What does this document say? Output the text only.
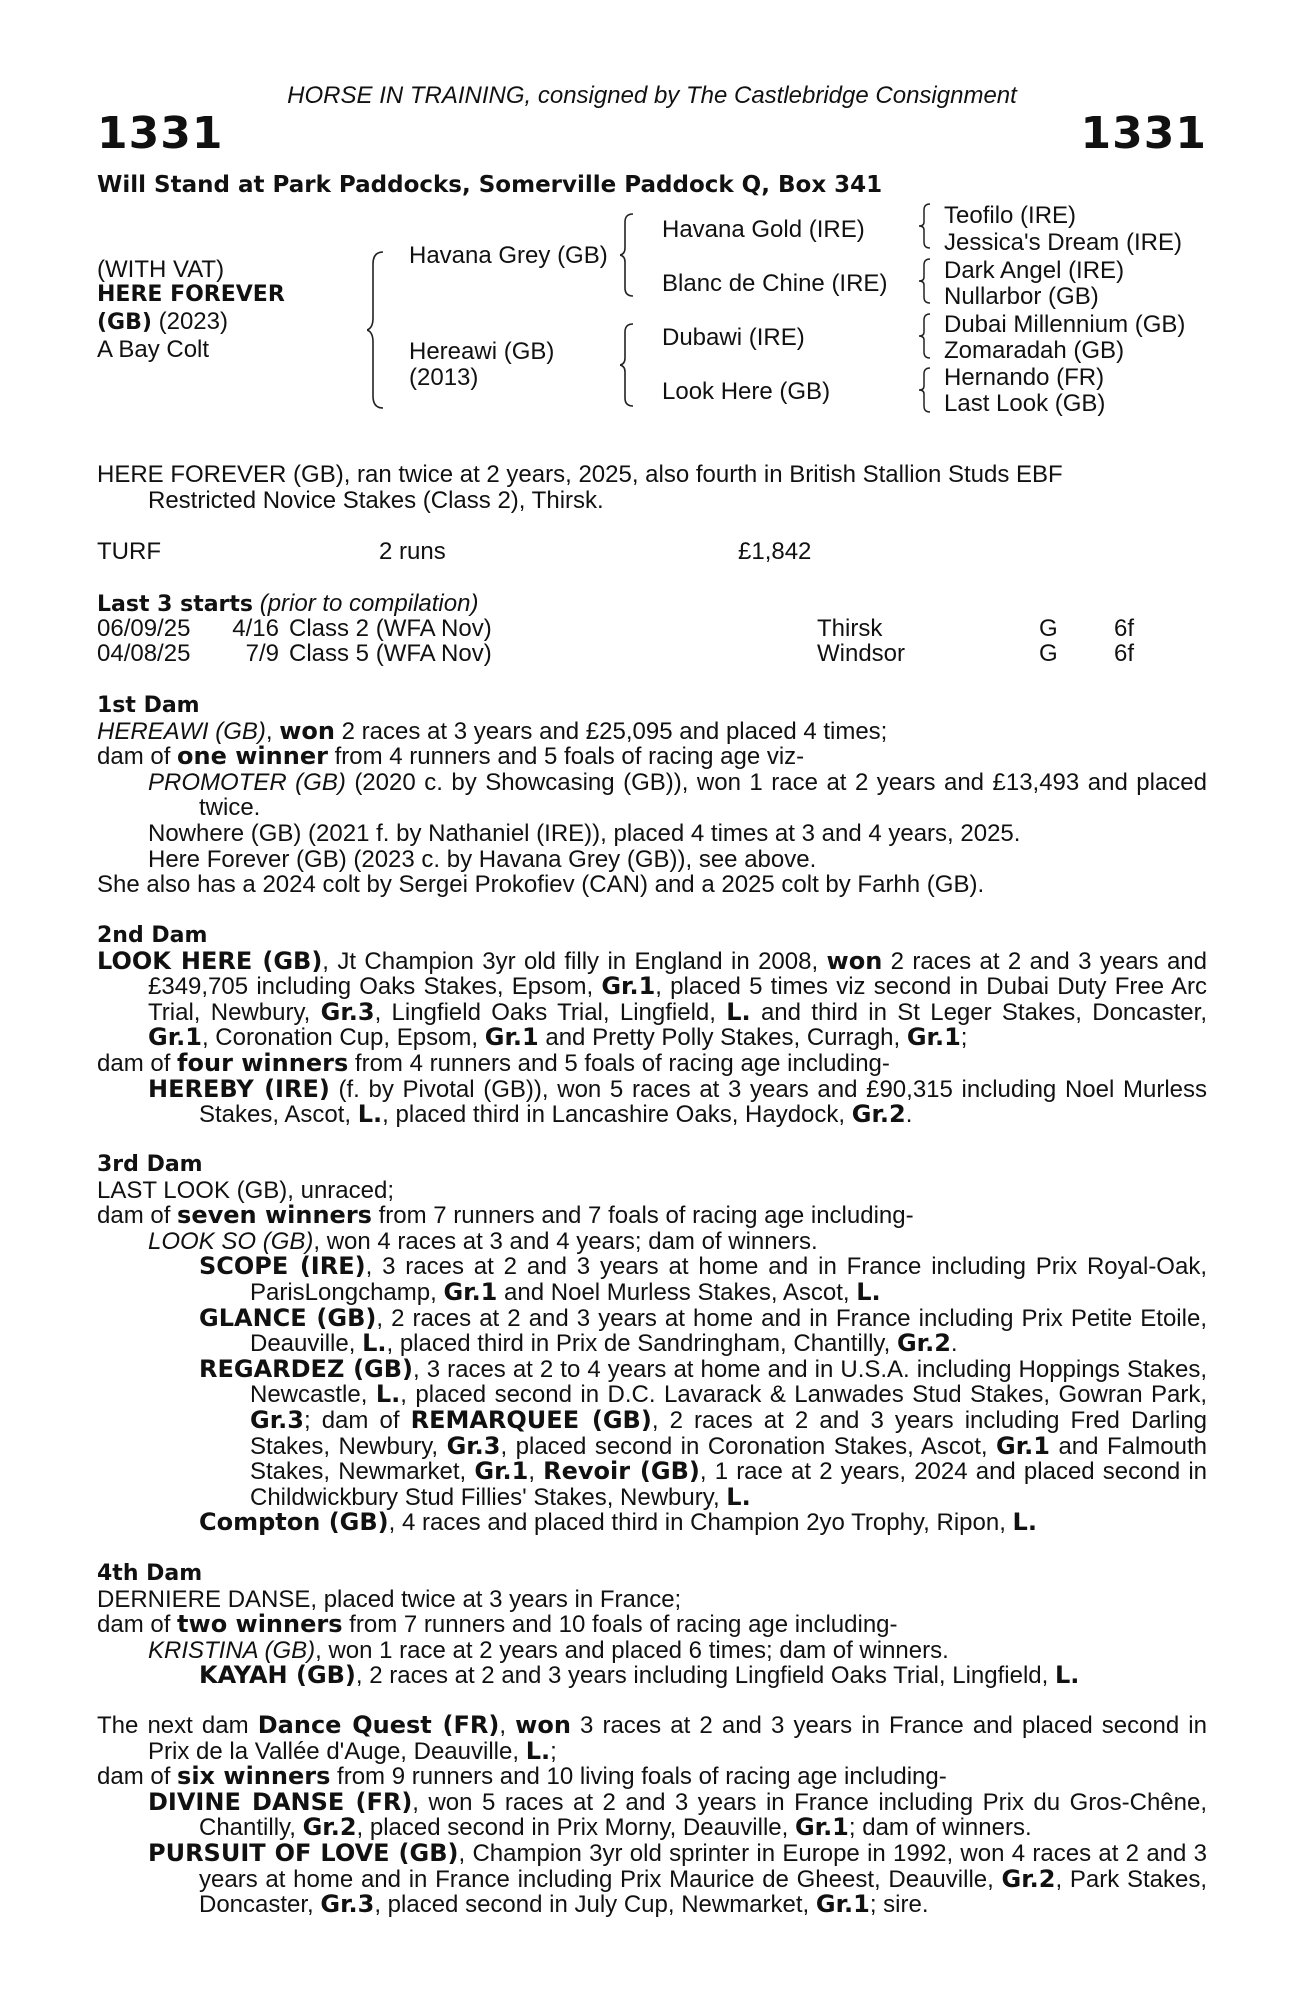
HORSE IN TRAINING, consigned by The Castlebridge Consignment
1331	1331
Will Stand at Park Paddocks, Somerville Paddock Q, Box 341
(WITH VAT)
HERE FOREVER
(GB) (2023)
A Bay Colt
Havana Grey (GB)
Hereawi (GB)
(2013)
Havana Gold (IRE)
Blanc de Chine (IRE)
Dubawi (IRE)
Look Here (GB)
Teofilo (IRE)
Jessica's Dream (IRE)
Dark Angel (IRE)
Nullarbor (GB)
Dubai Millennium (GB)
Zomaradah (GB)
Hernando (FR)
Last Look (GB)

HERE FOREVER (GB), ran twice at 2 years, 2025, also fourth in British Stallion Studs EBF

Restricted Novice Stakes (Class 2), Thirsk.

TURF	2 runs	£1,842
Last 3 starts (prior to compilation)
06/09/25	4/16 Class 2 (WFA Nov)	Thirsk	G 6f
04/08/25	7/9 Class 5 (WFA Nov)	Windsor	G 6f

1st Dam

HEREAWI (GB), won 2 races at 3 years and £25,095 and placed 4 times;

dam of one winner from 4 runners and 5 foals of racing age viz-

PROMOTER (GB) (2020 c. by Showcasing (GB)), won 1 race at 2 years and £13,493 and placed twice.

Nowhere (GB) (2021 f. by Nathaniel (IRE)), placed 4 times at 3 and 4 years, 2025.

Here Forever (GB) (2023 c. by Havana Grey (GB)), see above.

She also has a 2024 colt by Sergei Prokofiev (CAN) and a 2025 colt by Farhh (GB).

2nd Dam

LOOK HERE (GB), Jt Champion 3yr old filly in England in 2008, won 2 races at 2 and 3 years and £349,705 including Oaks Stakes, Epsom, Gr.1, placed 5 times viz second in Dubai Duty Free Arc Trial, Newbury, Gr.3, Lingfield Oaks Trial, Lingfield, L. and third in St Leger Stakes, Doncaster, Gr.1, Coronation Cup, Epsom, Gr.1 and Pretty Polly Stakes, Curragh, Gr.1;

dam of four winners from 4 runners and 5 foals of racing age including-

HEREBY (IRE) (f. by Pivotal (GB)), won 5 races at 3 years and £90,315 including Noel Murless Stakes, Ascot, L., placed third in Lancashire Oaks, Haydock, Gr.2.

3rd Dam

LAST LOOK (GB), unraced;

dam of seven winners from 7 runners and 7 foals of racing age including-

LOOK SO (GB), won 4 races at 3 and 4 years; dam of winners.

SCOPE (IRE), 3 races at 2 and 3 years at home and in France including Prix Royal-Oak, ParisLongchamp, Gr.1 and Noel Murless Stakes, Ascot, L.

GLANCE (GB), 2 races at 2 and 3 years at home and in France including Prix Petite Etoile, Deauville, L., placed third in Prix de Sandringham, Chantilly, Gr.2.

REGARDEZ (GB), 3 races at 2 to 4 years at home and in U.S.A. including Hoppings Stakes, Newcastle, L., placed second in D.C. Lavarack & Lanwades Stud Stakes, Gowran Park, Gr.3; dam of REMARQUEE (GB), 2 races at 2 and 3 years including Fred Darling Stakes, Newbury, Gr.3, placed second in Coronation Stakes, Ascot, Gr.1 and Falmouth Stakes, Newmarket, Gr.1, Revoir (GB), 1 race at 2 years, 2024 and placed second in Childwickbury Stud Fillies' Stakes, Newbury, L.

Compton (GB), 4 races and placed third in Champion 2yo Trophy, Ripon, L.

4th Dam

DERNIERE DANSE, placed twice at 3 years in France;

dam of two winners from 7 runners and 10 foals of racing age including-

KRISTINA (GB), won 1 race at 2 years and placed 6 times; dam of winners.

KAYAH (GB), 2 races at 2 and 3 years including Lingfield Oaks Trial, Lingfield, L.

The next dam Dance Quest (FR), won 3 races at 2 and 3 years in France and placed second in Prix de la Vallée d'Auge, Deauville, L.;

dam of six winners from 9 runners and 10 living foals of racing age including-

DIVINE DANSE (FR), won 5 races at 2 and 3 years in France including Prix du Gros-Chêne, Chantilly, Gr.2, placed second in Prix Morny, Deauville, Gr.1; dam of winners.

PURSUIT OF LOVE (GB), Champion 3yr old sprinter in Europe in 1992, won 4 races at 2 and 3 years at home and in France including Prix Maurice de Gheest, Deauville, Gr.2, Park Stakes, Doncaster, Gr.3, placed second in July Cup, Newmarket, Gr.1; sire.
